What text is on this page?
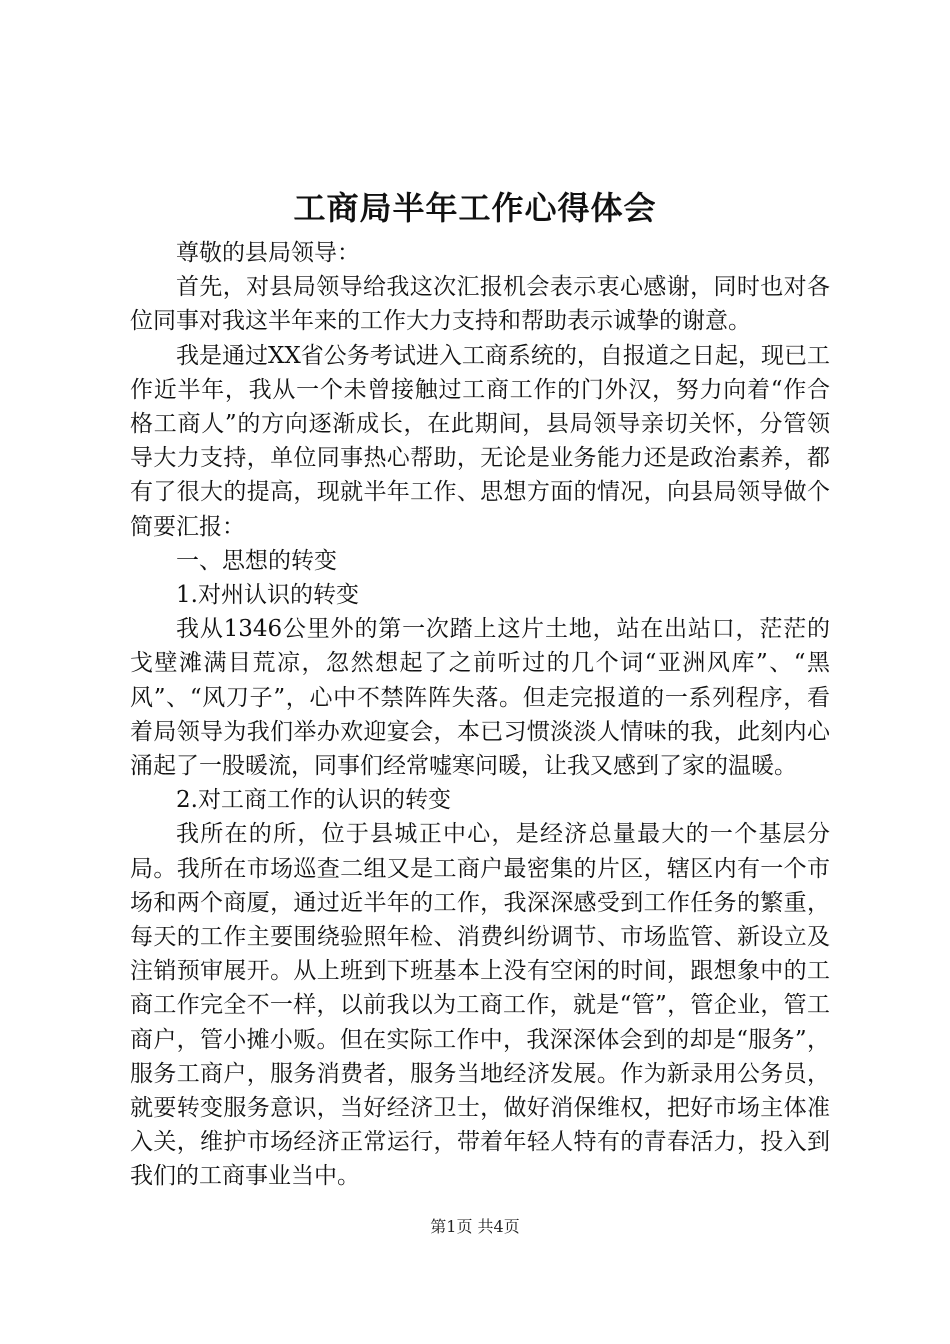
工商局半年工作心得体会

尊敬的县局领导：

首先，对县局领导给我这次汇报机会表示衷心感谢，同时也对各位同事对我这半年来的工作大力支持和帮助表示诚挚的谢意。

我是通过XX省公务考试进入工商系统的，自报道之日起，现已工作近半年，我从一个未曾接触过工商工作的门外汉，努力向着“作合格工商人”的方向逐渐成长，在此期间，县局领导亲切关怀，分管领导大力支持，单位同事热心帮助，无论是业务能力还是政治素养，都有了很大的提高，现就半年工作、思想方面的情况，向县局领导做个简要汇报：

一、思想的转变

1.对州认识的转变

我从1346公里外的第一次踏上这片土地，站在出站口，茫茫的戈壁滩满目荒凉，忽然想起了之前听过的几个词“亚洲风库”、“黑风”、“风刀子”，心中不禁阵阵失落。但走完报道的一系列程序，看着局领导为我们举办欢迎宴会，本已习惯淡淡人情味的我，此刻内心涌起了一股暖流，同事们经常嘘寒问暖，让我又感到了家的温暖。

2.对工商工作的认识的转变

我所在的所，位于县城正中心，是经济总量最大的一个基层分局。我所在市场巡查二组又是工商户最密集的片区，辖区内有一个市场和两个商厦，通过近半年的工作，我深深感受到工作任务的繁重，每天的工作主要围绕验照年检、消费纠纷调节、市场监管、新设立及注销预审展开。从上班到下班基本上没有空闲的时间，跟想象中的工商工作完全不一样，以前我以为工商工作，就是“管”，管企业，管工商户，管小摊小贩。但在实际工作中，我深深体会到的却是“服务”，服务工商户，服务消费者，服务当地经济发展。作为新录用公务员，就要转变服务意识，当好经济卫士，做好消保维权，把好市场主体准入关，维护市场经济正常运行，带着年轻人特有的青春活力，投入到我们的工商事业当中。

第1页 共4页
